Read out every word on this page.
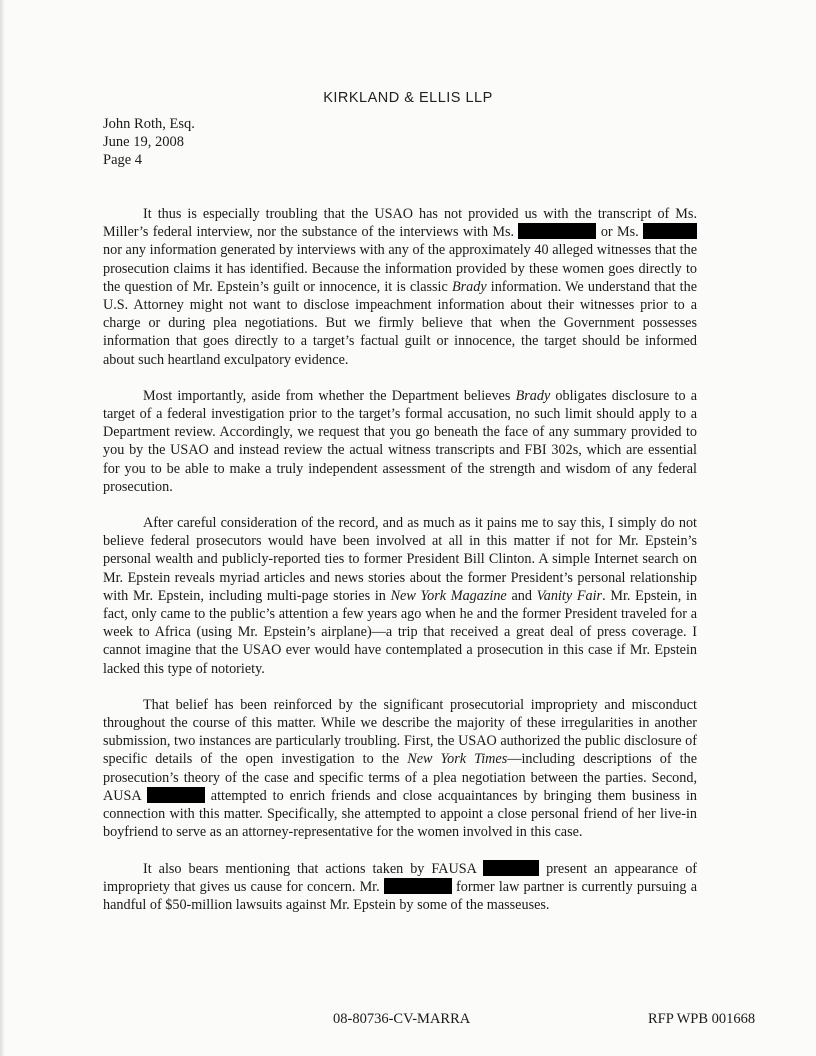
KIRKLAND & ELLIS LLP
John Roth, Esq.
June 19, 2008
Page 4

It thus is especially troubling that the USAO has not provided us with the transcript of Ms. Miller’s federal interview, nor the substance of the interviews with Ms.	or Ms.  nor any information generated by interviews with any of the approximately 40 alleged witnesses that the prosecution claims it has identified. Because the information provided by these women goes directly to the question of Mr. Epstein’s guilt or innocence, it is classic Brady information. We understand that the U.S. Attorney might not want to disclose impeachment information about their witnesses prior to a charge or during plea negotiations. But we firmly believe that when the Government possesses information that goes directly to a target’s factual guilt or innocence, the target should be informed about such heartland exculpatory evidence.

Most importantly, aside from whether the Department believes Brady obligates disclosure to a target of a federal investigation prior to the target’s formal accusation, no such limit should apply to a Department review. Accordingly, we request that you go beneath the face of any summary provided to you by the USAO and instead review the actual witness transcripts and FBI 302s, which are essential for you to be able to make a truly independent assessment of the strength and wisdom of any federal prosecution.

After careful consideration of the record, and as much as it pains me to say this, I simply do not believe federal prosecutors would have been involved at all in this matter if not for Mr. Epstein’s personal wealth and publicly-reported ties to former President Bill Clinton. A simple Internet search on Mr. Epstein reveals myriad articles and news stories about the former President’s personal relationship with Mr. Epstein, including multi-page stories in New York Magazine and Vanity Fair. Mr. Epstein, in fact, only came to the public’s attention a few years ago when he and the former President traveled for a week to Africa (using Mr. Epstein’s airplane)—a trip that received a great deal of press coverage. I cannot imagine that the USAO ever would have contemplated a prosecution in this case if Mr. Epstein lacked this type of notoriety.

That belief has been reinforced by the significant prosecutorial impropriety and misconduct throughout the course of this matter. While we describe the majority of these irregularities in another submission, two instances are particularly troubling. First, the USAO authorized the public disclosure of specific details of the open investigation to the New York Times—including descriptions of the prosecution’s theory of the case and specific terms of a plea negotiation between the parties. Second, AUSA	attempted to enrich friends and close acquaintances by bringing them business in connection with this matter. Specifically, she attempted to appoint a close personal friend of her live-in boyfriend to serve as an attorney-representative for the women involved in this case.

It also bears mentioning that actions taken by FAUSA	present an appearance of impropriety that gives us cause for concern. Mr.	former law partner is currently pursuing a handful of $50-million lawsuits against Mr. Epstein by some of the masseuses.

08-80736-CV-MARRA	RFP WPB 001668
